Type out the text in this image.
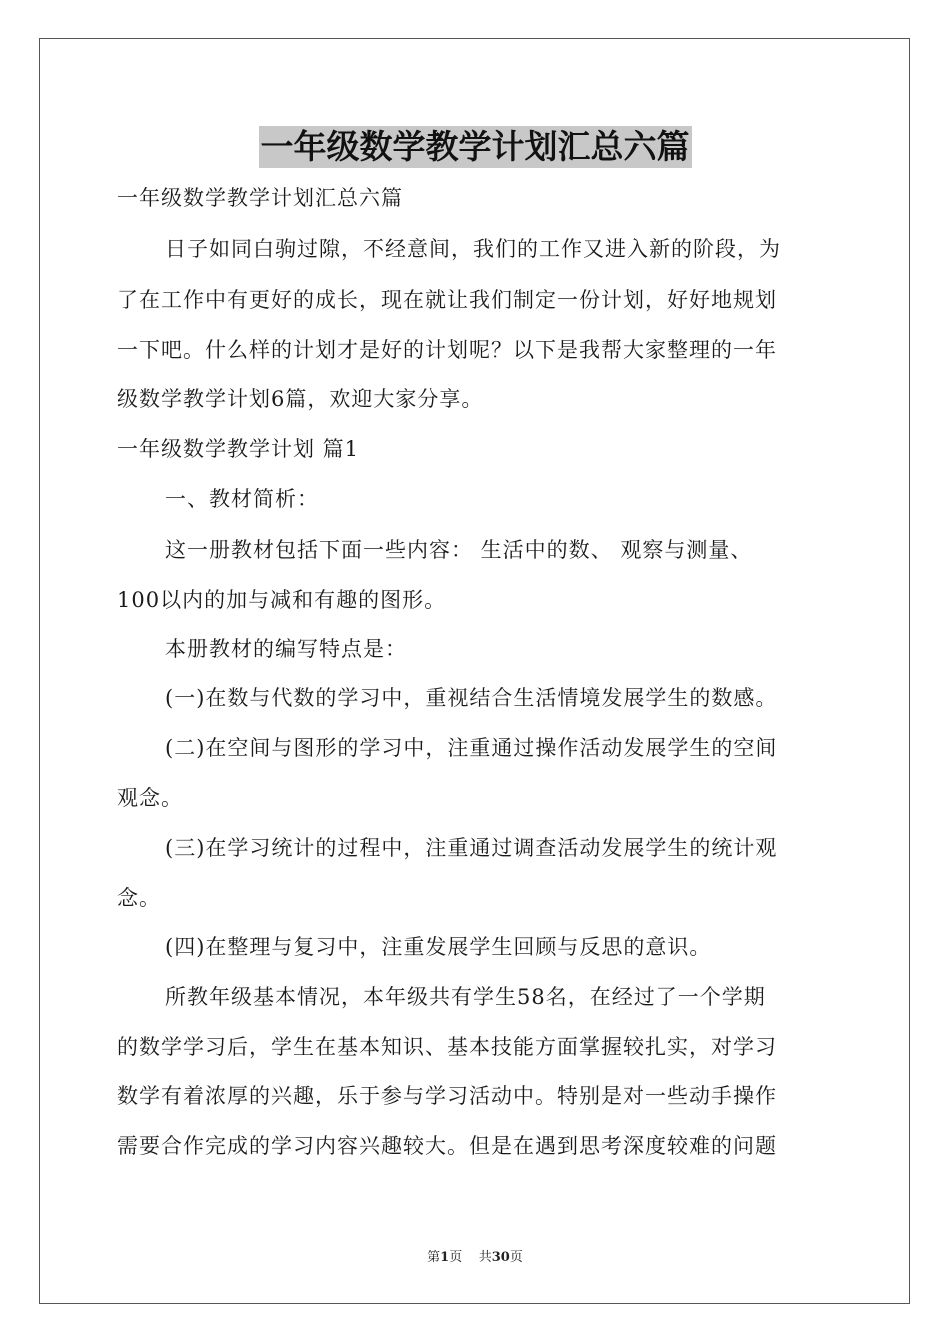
一年级数学教学计划汇总六篇
一年级数学教学计划汇总六篇
日子如同白驹过隙，不经意间，我们的工作又进入新的阶段，为
了在工作中有更好的成长，现在就让我们制定一份计划，好好地规划
一下吧。什么样的计划才是好的计划呢？以下是我帮大家整理的一年
级数学教学计划6篇，欢迎大家分享。
一年级数学教学计划 篇1
一、教材简析：
这一册教材包括下面一些内容： 生活中的数、 观察与测量、
100以内的加与减和有趣的图形。
本册教材的编写特点是：
(一)在数与代数的学习中，重视结合生活情境发展学生的数感。
(二)在空间与图形的学习中，注重通过操作活动发展学生的空间
观念。
(三)在学习统计的过程中，注重通过调查活动发展学生的统计观
念。
(四)在整理与复习中，注重发展学生回顾与反思的意识。
所教年级基本情况，本年级共有学生58名，在经过了一个学期
的数学学习后，学生在基本知识、基本技能方面掌握较扎实，对学习
数学有着浓厚的兴趣，乐于参与学习活动中。特别是对一些动手操作
需要合作完成的学习内容兴趣较大。但是在遇到思考深度较难的问题
第1页    共30页
